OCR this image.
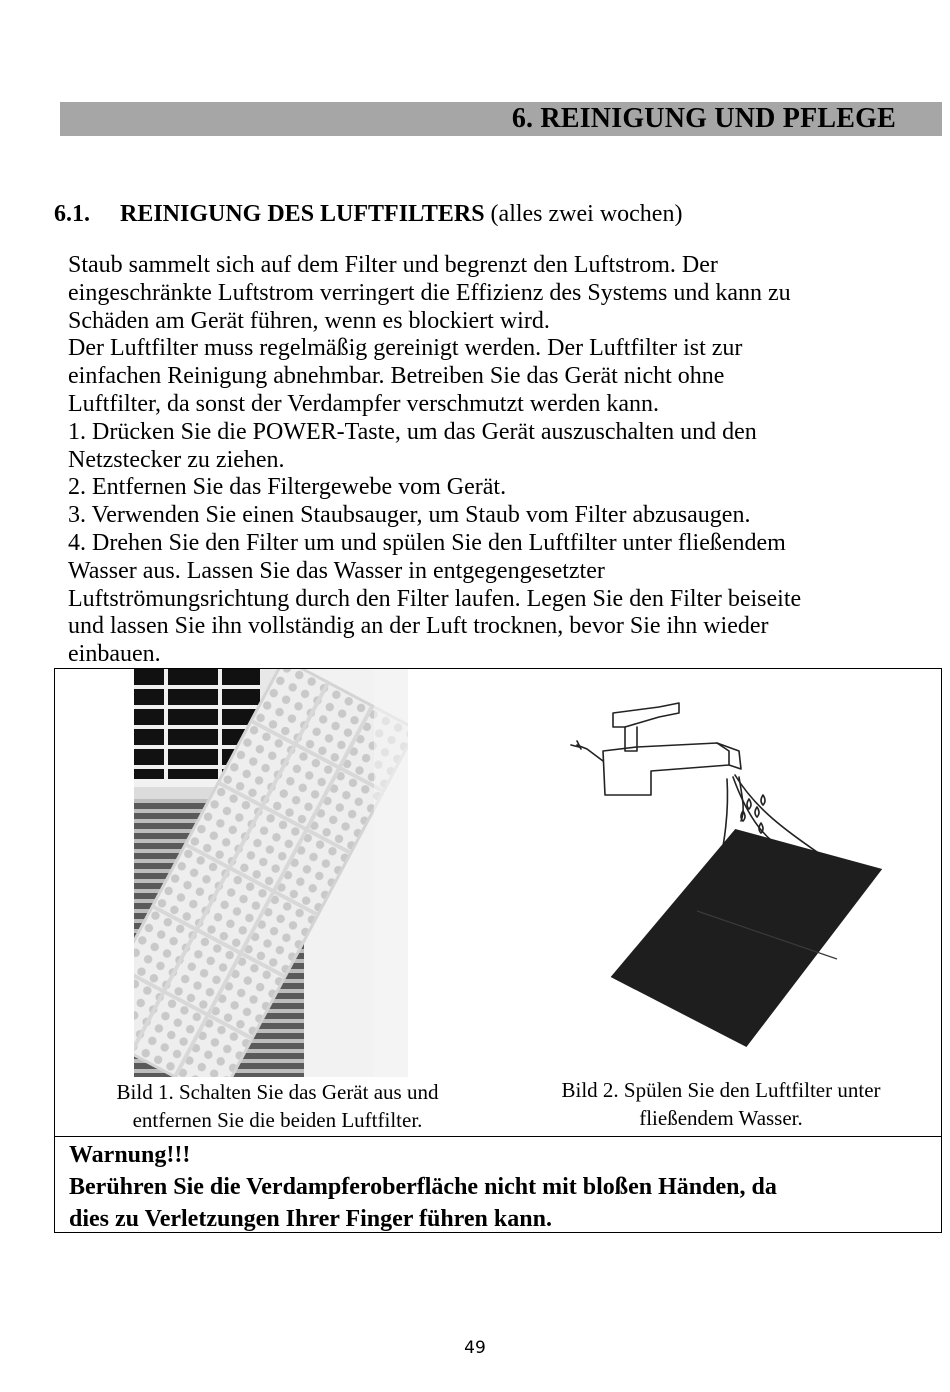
6. REINIGUNG UND PFLEGE
6.1. REINIGUNG DES LUFTFILTERS (alles zwei wochen)

Staub sammelt sich auf dem Filter und begrenzt den Luftstrom. Der

eingeschränkte Luftstrom verringert die Effizienz des Systems und kann zu

Schäden am Gerät führen, wenn es blockiert wird.

Der Luftfilter muss regelmäßig gereinigt werden. Der Luftfilter ist zur

einfachen Reinigung abnehmbar. Betreiben Sie das Gerät nicht ohne

Luftfilter, da sonst der Verdampfer verschmutzt werden kann.

1. Drücken Sie die POWER-Taste, um das Gerät auszuschalten und den

Netzstecker zu ziehen.

2. Entfernen Sie das Filtergewebe vom Gerät.

3. Verwenden Sie einen Staubsauger, um Staub vom Filter abzusaugen.

4. Drehen Sie den Filter um und spülen Sie den Luftfilter unter fließendem

Wasser aus. Lassen Sie das Wasser in entgegengesetzter

Luftströmungsrichtung durch den Filter laufen. Legen Sie den Filter beiseite

und lassen Sie ihn vollständig an der Luft trocknen, bevor Sie ihn wieder

einbauen.

Bild 1. Schalten Sie das Gerät aus und
entfernen Sie die beiden Luftfilter.
Bild 2. Spülen Sie den Luftfilter unter
fließendem Wasser.
Warnung!!!
Berühren Sie die Verdampferoberfläche nicht mit bloßen Händen, da
dies zu Verletzungen Ihrer Finger führen kann.
49
